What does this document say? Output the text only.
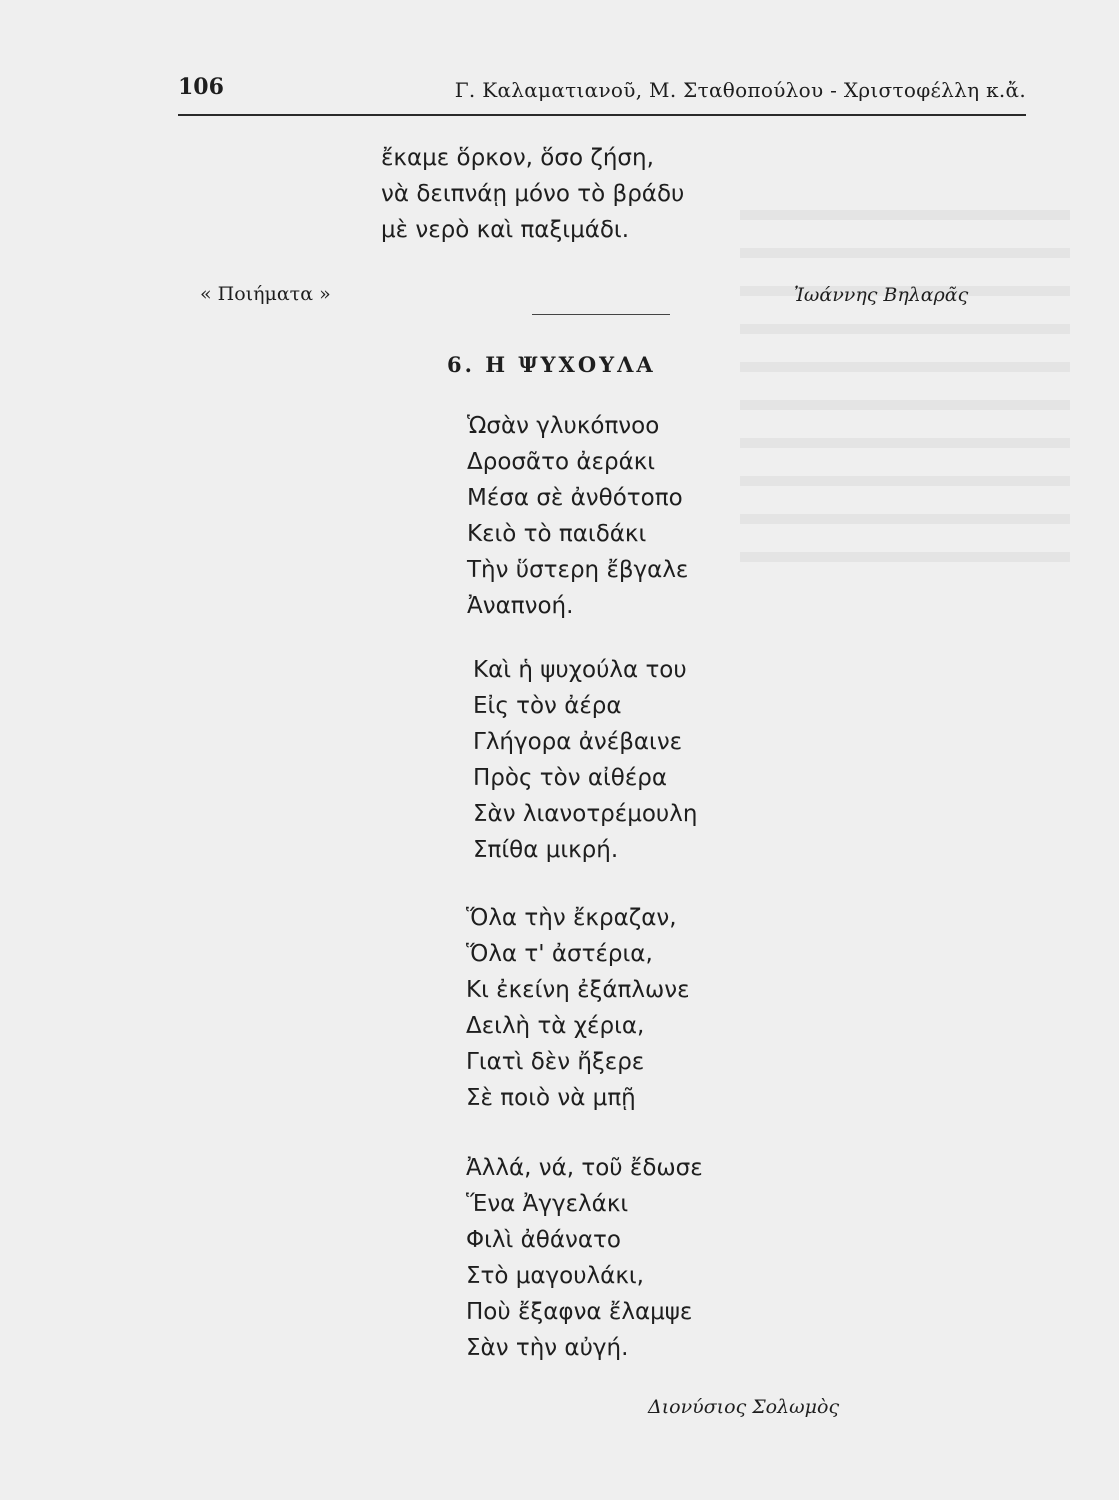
106	Γ. Καλαματιανοῦ, Μ. Σταθοπούλου - Χριστοφέλλη κ.ἄ.
ἔκαμε ὅρκον, ὅσο ζήση,
νὰ δειπνάῃ μόνο τὸ βράδυ
μὲ νερὸ καὶ παξιμάδι.
« Ποιήματα »	Ἰωάννης Βηλαρᾶς
6. Η ΨΥΧΟΥΛΑ
Ὡσὰν γλυκόπνοο
Δροσᾶτο ἀεράκι
Μέσα σὲ ἀνθότοπο
Κειὸ τὸ παιδάκι
Τὴν ὕστερη ἔβγαλε
Ἀναπνοή.
Καὶ ἡ ψυχούλα του
Εἰς τὸν ἀέρα
Γλήγορα ἀνέβαινε
Πρὸς τὸν αἰθέρα
Σὰν λιανοτρέμουλη
Σπίθα μικρή.
Ὅλα τὴν ἔκραζαν,
Ὅλα τ' ἀστέρια,
Κι ἐκείνη ἐξάπλωνε
Δειλὴ τὰ χέρια,
Γιατὶ δὲν ἤξερε
Σὲ ποιὸ νὰ μπῇ
Ἀλλά, νά, τοῦ ἔδωσε
Ἕνα Ἀγγελάκι
Φιλὶ ἀθάνατο
Στὸ μαγουλάκι,
Ποὺ ἔξαφνα ἔλαμψε
Σὰν τὴν αὐγή.
Διονύσιος Σολωμὸς
